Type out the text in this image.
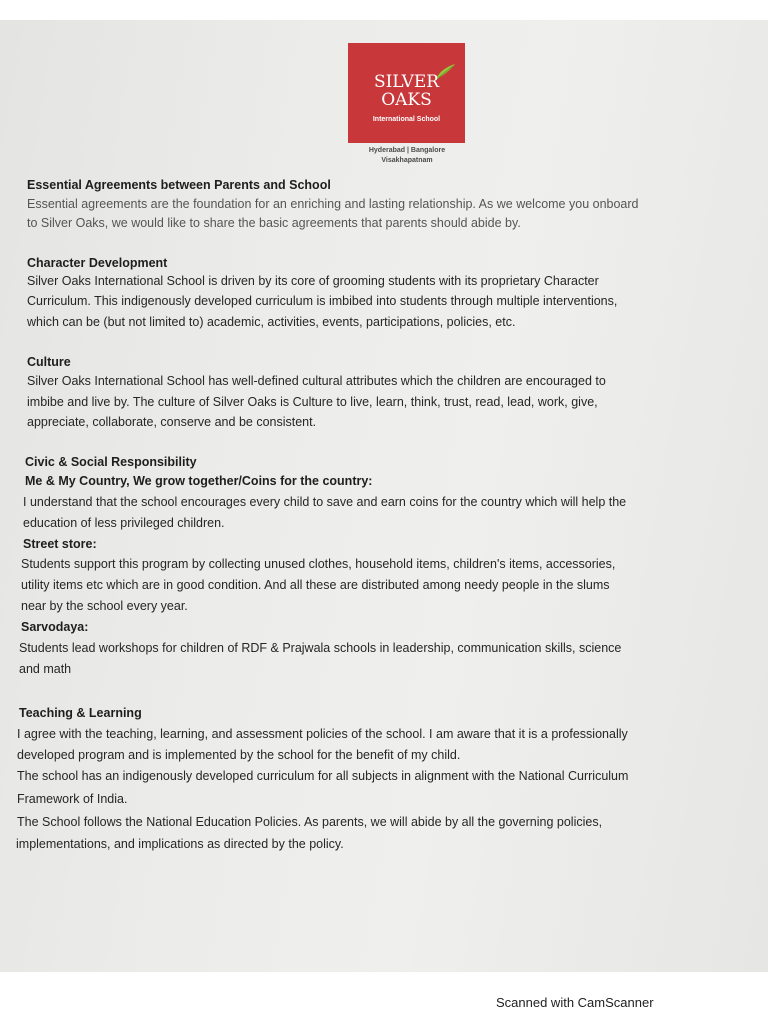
SILVER
OAKS
International School
Hyderabad | Bangalore
Visakhapatnam
Essential Agreements between Parents and School
Essential agreements are the foundation for an enriching and lasting relationship. As we welcome you onboard
to Silver Oaks, we would like to share the basic agreements that parents should abide by.
Character Development
Silver Oaks International School is driven by its core of grooming students with its proprietary Character
Curriculum. This indigenously developed curriculum is imbibed into students through multiple interventions,
which can be (but not limited to) academic, activities, events, participations, policies, etc.
Culture
Silver Oaks International School has well-defined cultural attributes which the children are encouraged to
imbibe and live by. The culture of Silver Oaks is Culture to live, learn, think, trust, read, lead, work, give,
appreciate, collaborate, conserve and be consistent.
Civic & Social Responsibility
Me & My Country, We grow together/Coins for the country:
I understand that the school encourages every child to save and earn coins for the country which will help the
education of less privileged children.
Street store:
Students support this program by collecting unused clothes, household items, children's items, accessories,
utility items etc which are in good condition. And all these are distributed among needy people in the slums
near by the school every year.
Sarvodaya:
Students lead workshops for children of RDF & Prajwala schools in leadership, communication skills, science
and math
Teaching & Learning
I agree with the teaching, learning, and assessment policies of the school. I am aware that it is a professionally
developed program and is implemented by the school for the benefit of my child.
The school has an indigenously developed curriculum for all subjects in alignment with the National Curriculum
Framework of India.
The School follows the National Education Policies. As parents, we will abide by all the governing policies,
implementations, and implications as directed by the policy.
Scanned with CamScanner
